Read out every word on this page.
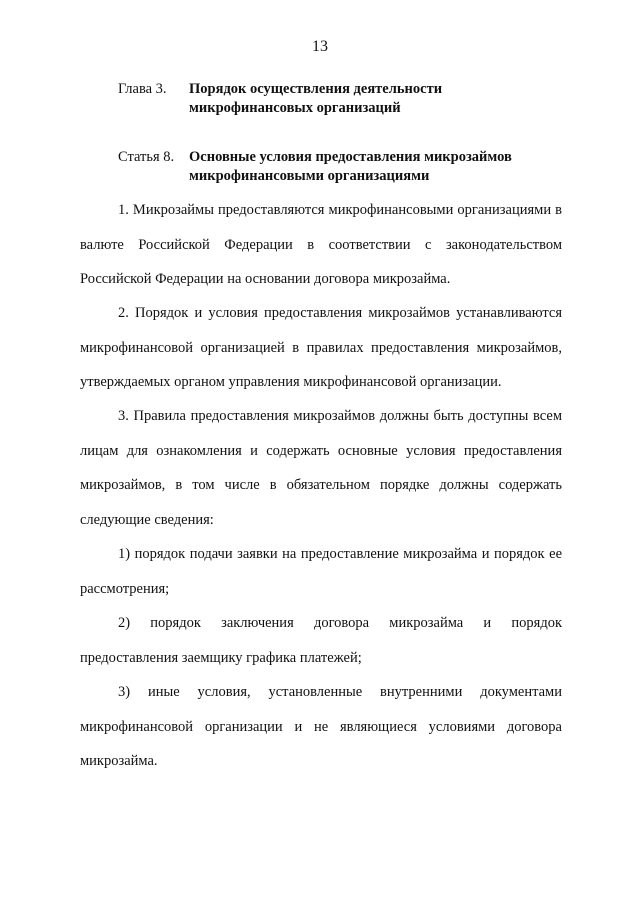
13
Глава 3. Порядок осуществления деятельности
микрофинансовых организаций
Статья 8. Основные условия предоставления микрозаймов
микрофинансовыми организациями

1. Микрозаймы предоставляются микрофинансовыми организациями в валюте Российской Федерации в соответствии с законодательством Российской Федерации на основании договора микрозайма.

2. Порядок и условия предоставления микрозаймов устанавливаются микрофинансовой организацией в правилах предоставления микрозаймов, утверждаемых органом управления микрофинансовой организации.

3. Правила предоставления микрозаймов должны быть доступны всем лицам для ознакомления и содержать основные условия предоставления микрозаймов, в том числе в обязательном порядке должны содержать следующие сведения:

1) порядок подачи заявки на предоставление микрозайма и порядок ее рассмотрения;

2) порядок заключения договора микрозайма и порядок предоставления заемщику графика платежей;

3) иные условия, установленные внутренними документами микрофинансовой организации и не являющиеся условиями договора микрозайма.
